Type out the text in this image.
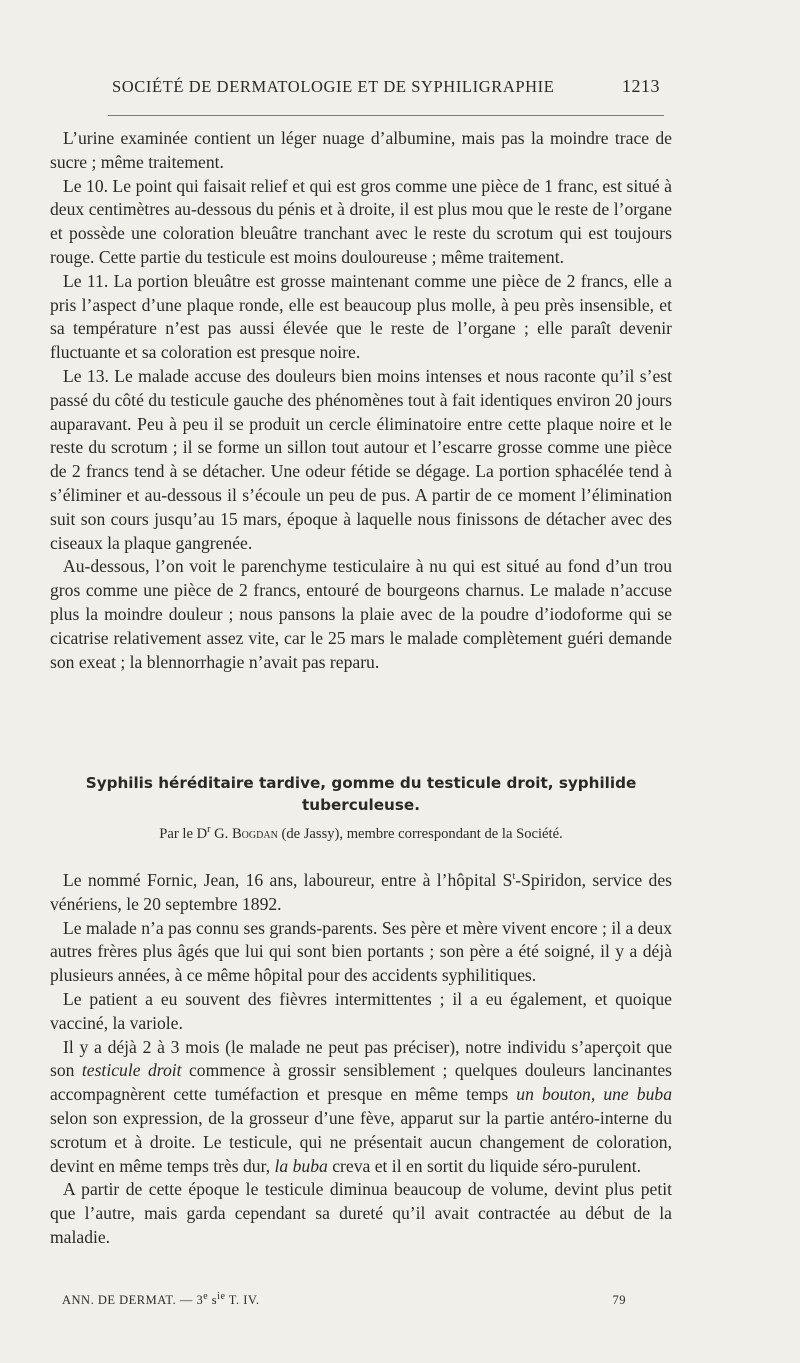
SOCIÉTÉ DE DERMATOLOGIE ET DE SYPHILIGRAPHIE	1213

L’urine examinée contient un léger nuage d’albumine, mais pas la moindre trace de sucre ; même traitement.

Le 10. Le point qui faisait relief et qui est gros comme une pièce de 1 franc, est situé à deux centimètres au-dessous du pénis et à droite, il est plus mou que le reste de l’organe et possède une coloration bleuâtre tranchant avec le reste du scrotum qui est toujours rouge. Cette partie du testicule est moins douloureuse ; même traitement.

Le 11. La portion bleuâtre est grosse maintenant comme une pièce de 2 francs, elle a pris l’aspect d’une plaque ronde, elle est beaucoup plus molle, à peu près insensible, et sa température n’est pas aussi élevée que le reste de l’organe ; elle paraît devenir fluctuante et sa coloration est presque noire.

Le 13. Le malade accuse des douleurs bien moins intenses et nous raconte qu’il s’est passé du côté du testicule gauche des phénomènes tout à fait identiques environ 20 jours auparavant. Peu à peu il se produit un cercle éliminatoire entre cette plaque noire et le reste du scrotum ; il se forme un sillon tout autour et l’escarre grosse comme une pièce de 2 francs tend à se détacher. Une odeur fétide se dégage. La portion sphacélée tend à s’éliminer et au-dessous il s’écoule un peu de pus. A partir de ce moment l’élimination suit son cours jusqu’au 15 mars, époque à laquelle nous finissons de détacher avec des ciseaux la plaque gangrenée.

Au-dessous, l’on voit le parenchyme testiculaire à nu qui est situé au fond d’un trou gros comme une pièce de 2 francs, entouré de bourgeons charnus. Le malade n’accuse plus la moindre douleur ; nous pansons la plaie avec de la poudre d’iodoforme qui se cicatrise relativement assez vite, car le 25 mars le malade complètement guéri demande son exeat ; la blennorrhagie n’avait pas reparu.

Syphilis héréditaire tardive, gomme du testicule droit, syphilide tuberculeuse.
Par le $D^r$ G. Bogdan (de Jassy), membre correspondant de la Société.

Le nommé Fornic, Jean, 16 ans, laboureur, entre à l’hôpital $S^t$-Spiridon, service des vénériens, le 20 septembre 1892.

Le malade n’a pas connu ses grands-parents. Ses père et mère vivent encore ; il a deux autres frères plus âgés que lui qui sont bien portants ; son père a été soigné, il y a déjà plusieurs années, à ce même hôpital pour des accidents syphilitiques.

Le patient a eu souvent des fièvres intermittentes ; il a eu également, et quoique vacciné, la variole.

Il y a déjà 2 à 3 mois (le malade ne peut pas préciser), notre individu s’aperçoit que son testicule droit commence à grossir sensiblement ; quelques douleurs lancinantes accompagnèrent cette tuméfaction et presque en même temps un bouton, une buba selon son expression, de la grosseur d’une fève, apparut sur la partie antéro-interne du scrotum et à droite. Le testicule, qui ne présentait aucun changement de coloration, devint en même temps très dur, la buba creva et il en sortit du liquide séro-purulent.

A partir de cette époque le testicule diminua beaucoup de volume, devint plus petit que l’autre, mais garda cependant sa dureté qu’il avait contractée au début de la maladie.

ANN. DE DERMAT. — 3e $s^{ie}$ T. IV.	79
